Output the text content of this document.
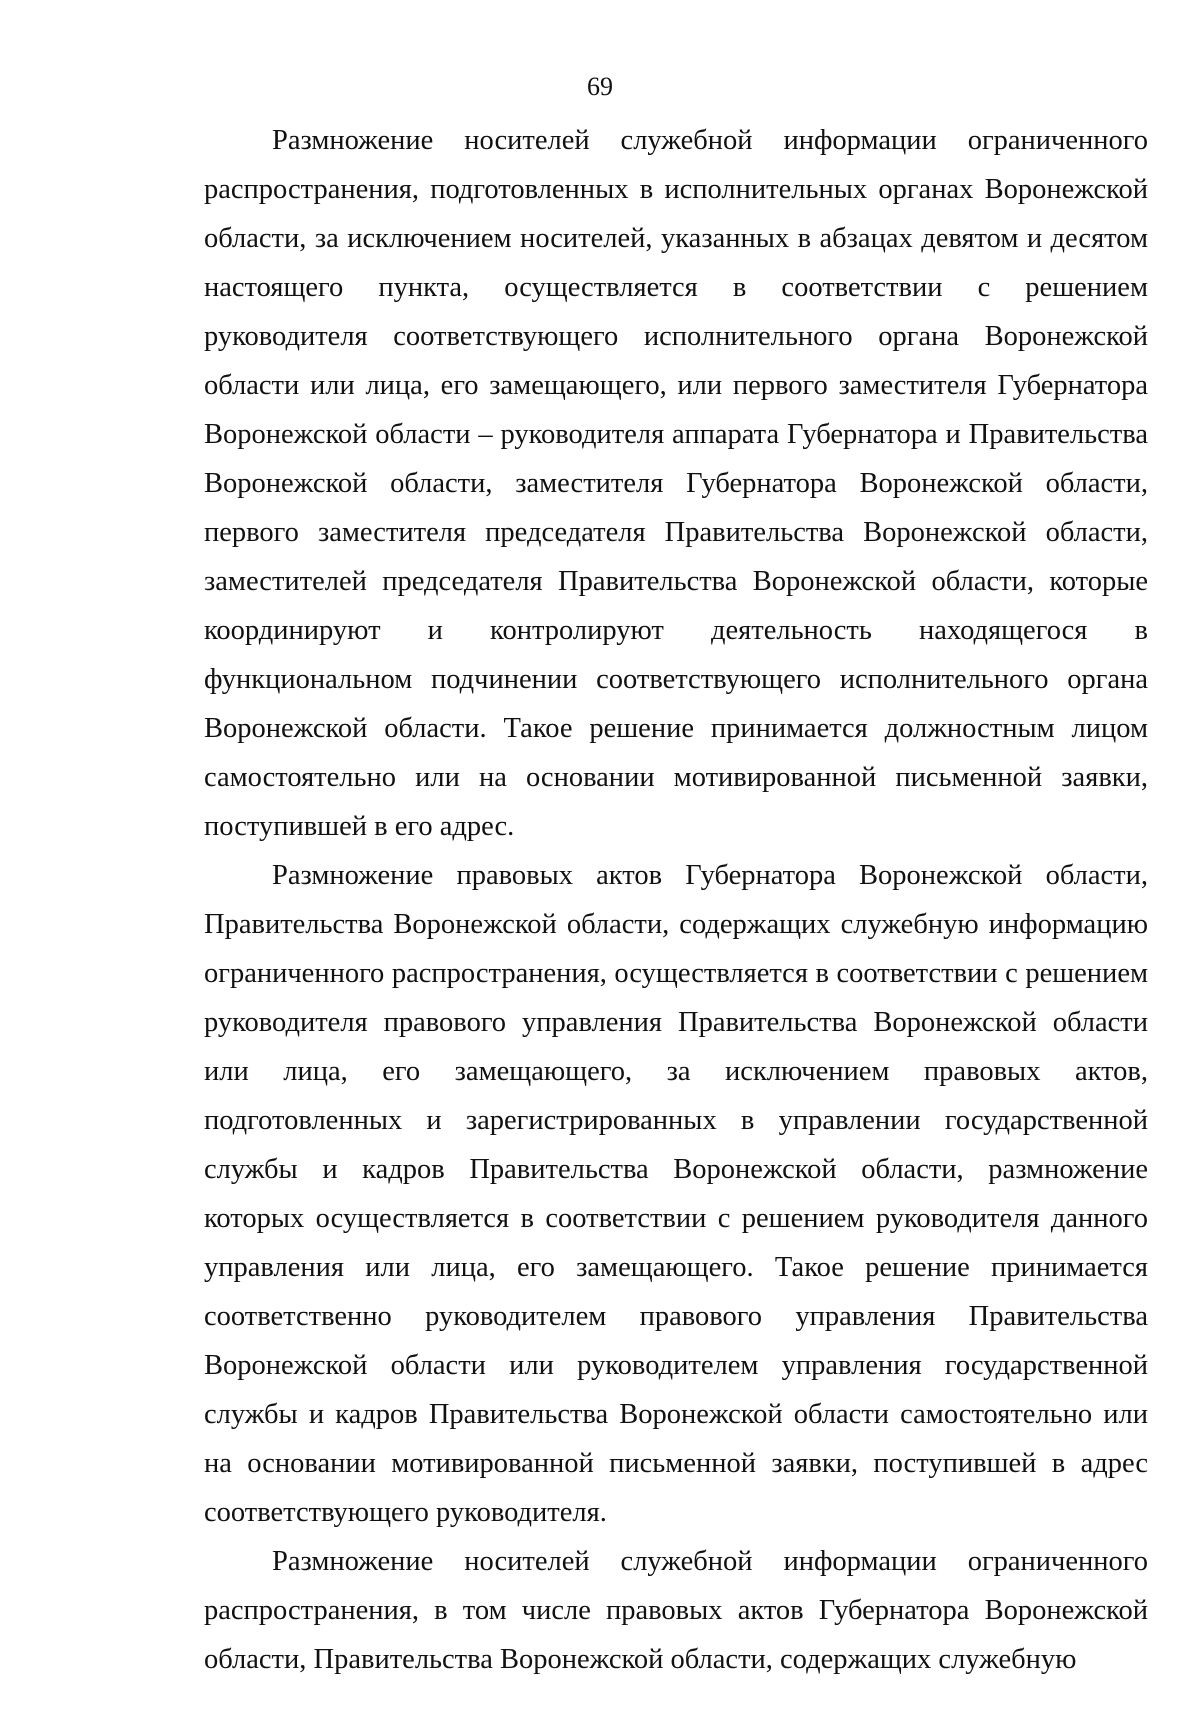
69

Размножение носителей служебной информации ограниченного распространения, подготовленных в исполнительных органах Воронежской области, за исключением носителей, указанных в абзацах девятом и десятом настоящего пункта, осуществляется в соответствии с решением руководителя соответствующего исполнительного органа Воронежской области или лица, его замещающего, или первого заместителя Губернатора Воронежской области – руководителя аппарата Губернатора и Правительства Воронежской области, заместителя Губернатора Воронежской области, первого заместителя председателя Правительства Воронежской области, заместителей председателя Правительства Воронежской области, которые координируют и контролируют деятельность находящегося в функциональном подчинении соответствующего исполнительного органа Воронежской области. Такое решение принимается должностным лицом самостоятельно или на основании мотивированной письменной заявки, поступившей в его адрес.

Размножение правовых актов Губернатора Воронежской области, Правительства Воронежской области, содержащих служебную информацию ограниченного распространения, осуществляется в соответствии с решением руководителя правового управления Правительства Воронежской области или лица, его замещающего, за исключением правовых актов, подготовленных и зарегистрированных в управлении государственной службы и кадров Правительства Воронежской области, размножение которых осуществляется в соответствии с решением руководителя данного управления или лица, его замещающего. Такое решение принимается соответственно руководителем правового управления Правительства Воронежской области или руководителем управления государственной службы и кадров Правительства Воронежской области самостоятельно или на основании мотивированной письменной заявки, поступившей в адрес соответствующего руководителя.

Размножение носителей служебной информации ограниченного распространения, в том числе правовых актов Губернатора Воронежской области, Правительства Воронежской области, содержащих служебную
